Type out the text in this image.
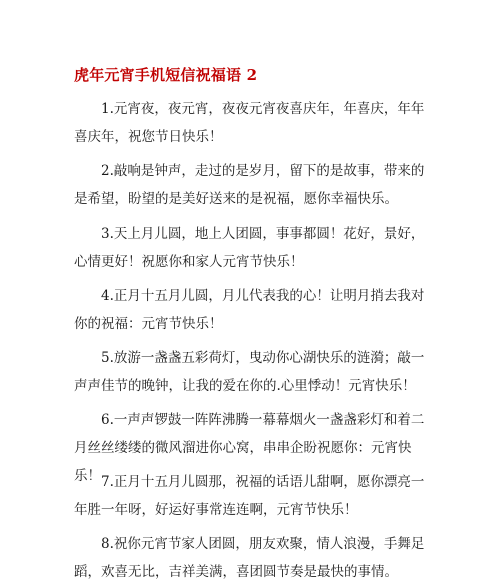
虎年元宵手机短信祝福语 2

1.元宵夜，夜元宵，夜夜元宵夜喜庆年，年喜庆，年年喜庆年，祝您节日快乐！

2.敲响是钟声，走过的是岁月，留下的是故事，带来的是希望，盼望的是美好送来的是祝福，愿你幸福快乐。

3.天上月儿圆，地上人团圆，事事都圆！花好，景好，心情更好！祝愿你和家人元宵节快乐！

4.正月十五月儿圆，月儿代表我的心！让明月捎去我对你的祝福：元宵节快乐！

5.放游一盏盏五彩荷灯，曳动你心湖快乐的涟漪；敲一声声佳节的晚钟，让我的爱在你的.心里悸动！元宵快乐！

6.一声声锣鼓一阵阵沸腾一幕幕烟火一盏盏彩灯和着二月丝丝缕缕的微风溜进你心窝，串串企盼祝愿你：元宵快乐！ 7.正月十五月儿圆那，祝福的话语儿甜啊，愿你漂亮一年胜一年呀，好运好事常连连啊，元宵节快乐！

8.祝你元宵节家人团圆，朋友欢聚，情人浪漫，手舞足蹈，欢喜无比，吉祥美满，喜团圆节奏是最快的事情。
